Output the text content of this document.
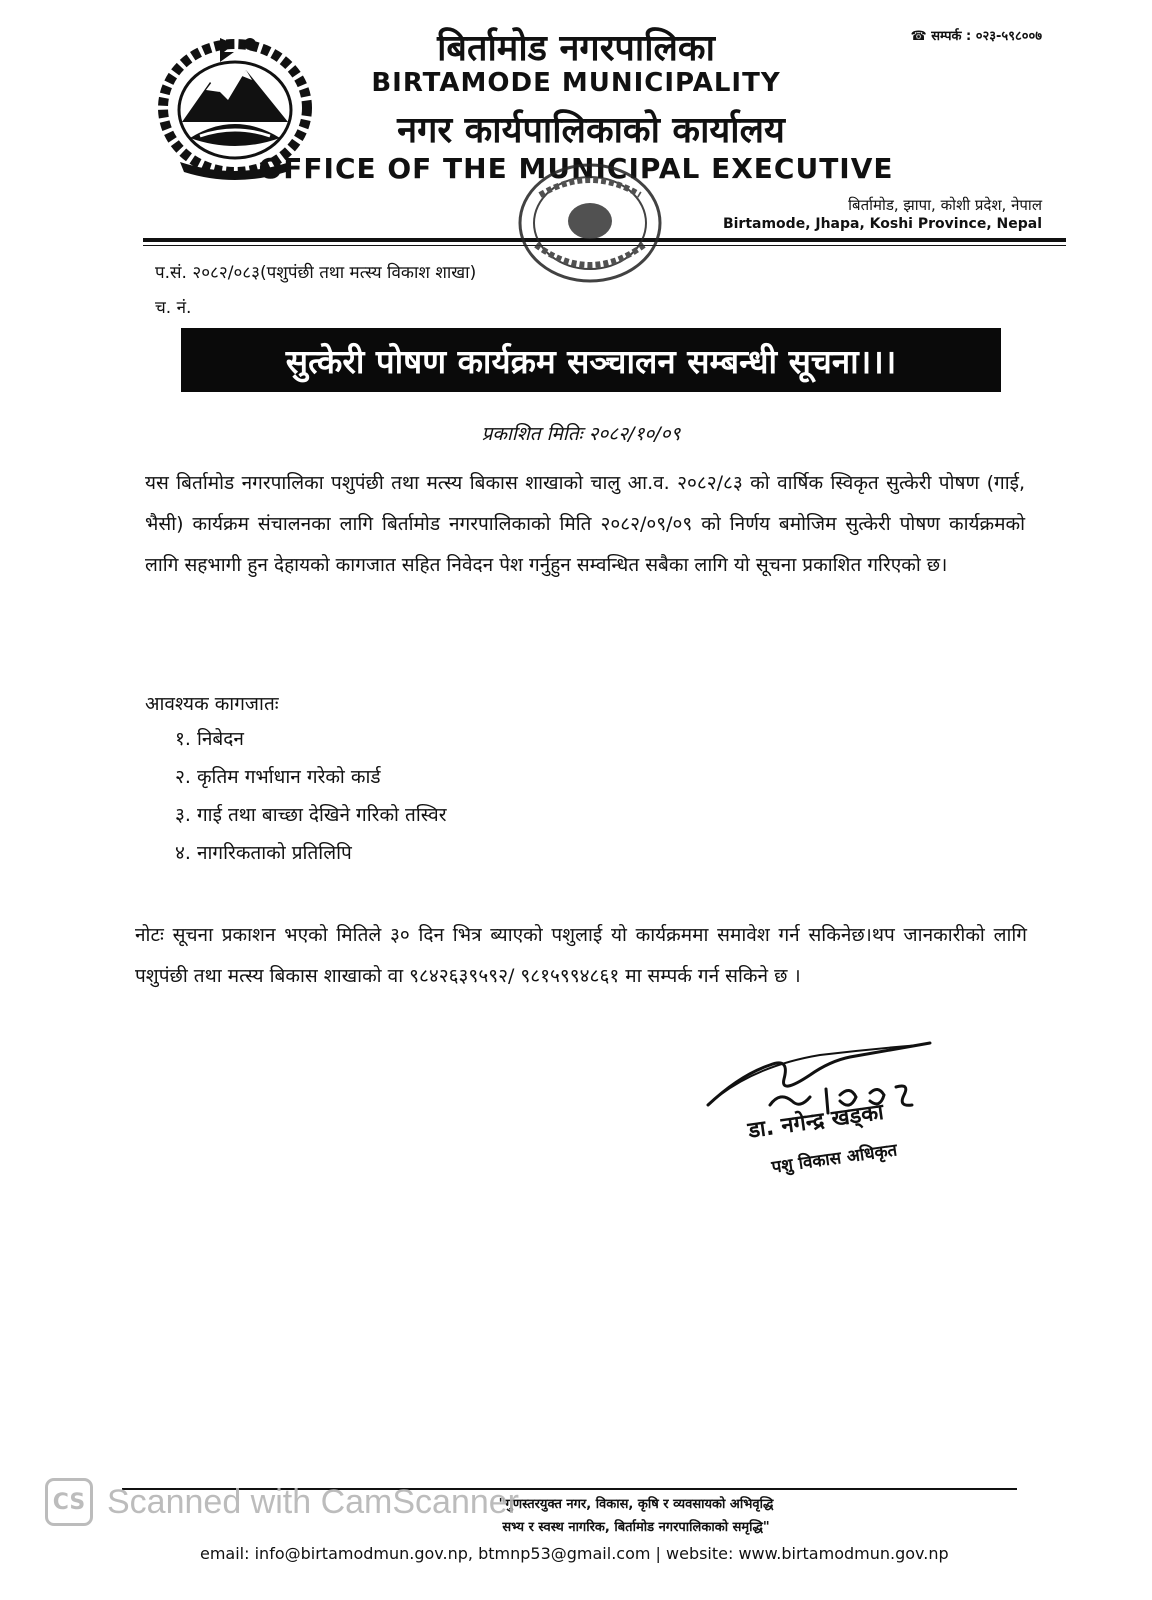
बिर्तामोड नगरपालिका
BIRTAMODE MUNICIPALITY
नगर कार्यपालिकाको कार्यालय
OFFICE OF THE MUNICIPAL EXECUTIVE
☎ सम्पर्क : ०२३-५९८००७
बिर्तामोड, झापा, कोशी प्रदेश, नेपाल
Birtamode, Jhapa, Koshi Province, Nepal
प.सं. २०८२/०८३(पशुपंछी तथा मत्स्य विकाश शाखा)
च. नं.
सुत्केरी पोषण कार्यक्रम सञ्चालन सम्बन्धी सूचना।।।
प्रकाशित मितिः २०८२/१०/०९
यस बिर्तामोड नगरपालिका पशुपंछी तथा मत्स्य बिकास शाखाको चालु आ.व. २०८२/८३ को वार्षिक स्विकृत सुत्केरी पोषण (गाई, भैसी) कार्यक्रम संचालनका लागि बिर्तामोड नगरपालिकाको मिति २०८२/०९/०९ को निर्णय बमोजिम सुत्केरी पोषण कार्यक्रमको लागि सहभागी हुन देहायको कागजात सहित निवेदन पेश गर्नुहुन सम्वन्धित सबैका लागि यो सूचना प्रकाशित गरिएको छ।
आवश्यक कागजातः
१. निबेदन
२. कृतिम गर्भाधान गरेको कार्ड
३. गाई तथा बाच्छा देखिने गरिको तस्विर
४. नागरिकताको प्रतिलिपि
नोटः सूचना प्रकाशन भएको मितिले ३० दिन भित्र ब्याएको पशुलाई यो कार्यक्रममा समावेश गर्न सकिनेछ।थप जानकारीको लागि पशुपंछी तथा मत्स्य बिकास शाखाको वा ९८४२६३९५९२/ ९८१५९९४८६१ मा सम्पर्क गर्न सकिने छ ।
डा. नगेन्द्र खड्का
पशु विकास अधिकृत
"गुणस्तरयुक्त नगर, विकास, कृषि र व्यवसायको अभिवृद्धि
सभ्य र स्वस्थ नागरिक, बिर्तामोड नगरपालिकाको समृद्धि"
email: info@birtamodmun.gov.np, btmnp53@gmail.com | website: www.birtamodmun.gov.np
CS Scanned with CamScanner
